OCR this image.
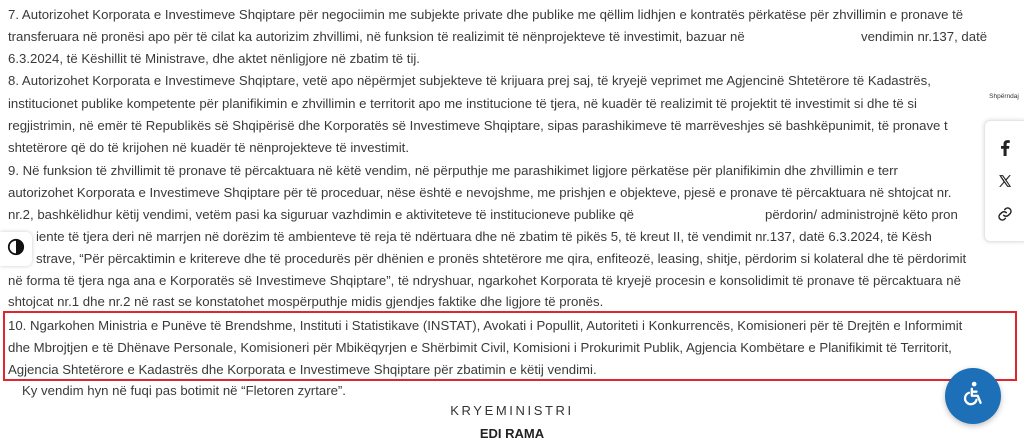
7. Autorizohet Korporata e Investimeve Shqiptare për negociimin me subjekte private dhe publike me qëllim lidhjen e kontratës përkatëse për zhvillimin e pronave të
transferuara në pronësi apo për të cilat ka autorizim zhvillimi, në funksion të realizimit të nënprojekteve të investimit, bazuar në	vendimin nr.137, datë
6.3.2024, të Këshillit të Ministrave, dhe aktet nënligjore në zbatim të tij.
8. Autorizohet Korporata e Investimeve Shqiptare, vetë apo nëpërmjet subjekteve të krijuara prej saj, të kryejë veprimet me Agjencinë Shtetërore të Kadastrës,
institucionet publike kompetente për planifikimin e zhvillimin e territorit apo me institucione të tjera, në kuadër të realizimit të projektit të investimit si dhe të si
regjistrimin, në emër të Republikës së Shqipërisë dhe Korporatës së Investimeve Shqiptare, sipas parashikimeve të marrëveshjes së bashkëpunimit, të pronave t
shtetërore që do të krijohen në kuadër të nënprojekteve të investimit.
9. Në funksion të zhvillimit të pronave të përcaktuara në këtë vendim, në përputhje me parashikimet ligjore përkatëse për planifikimin dhe zhvillimin e terr
autorizohet Korporata e Investimeve Shqiptare për të proceduar, nëse është e nevojshme, me prishjen e objekteve, pjesë e pronave të përcaktuara në shtojcat nr.
nr.2, bashkëlidhur këtij vendimi, vetëm pasi ka siguruar vazhdimin e aktiviteteve të institucioneve publike që	përdorin/ administrojnë këto pron
iente të tjera deri në marrjen në dorëzim të ambienteve të reja të ndërtuara dhe në zbatim të pikës 5, të kreut II, të vendimit nr.137, datë 6.3.2024, të Kësh
strave, “Për përcaktimin e kritereve dhe të procedurës për dhënien e pronës shtetërore me qira, enfiteozë, leasing, shitje, përdorim si kolateral dhe të përdorimit
në forma të tjera nga ana e Korporatës së Investimeve Shqiptare”, të ndryshuar, ngarkohet Korporata të kryejë procesin e konsolidimit të pronave të përcaktuara në
shtojcat nr.1 dhe nr.2 në rast se konstatohet mospërputhje midis gjendjes faktike dhe ligjore të pronës.
10. Ngarkohen Ministria e Punëve të Brendshme, Instituti i Statistikave (INSTAT), Avokati i Popullit, Autoriteti i Konkurrencës, Komisioneri për të Drejtën e Informimit
dhe Mbrojtjen e të Dhënave Personale, Komisioneri për Mbikëqyrjen e Shërbimit Civil, Komisioni i Prokurimit Publik, Agjencia Kombëtare e Planifikimit të Territorit,
Agjencia Shtetërore e Kadastrës dhe Korporata e Investimeve Shqiptare për zbatimin e këtij vendimi.
Ky vendim hyn në fuqi pas botimit në “Fletoren zyrtare”.
KRYEMINISTRI
EDI RAMA
Shpërndaj
